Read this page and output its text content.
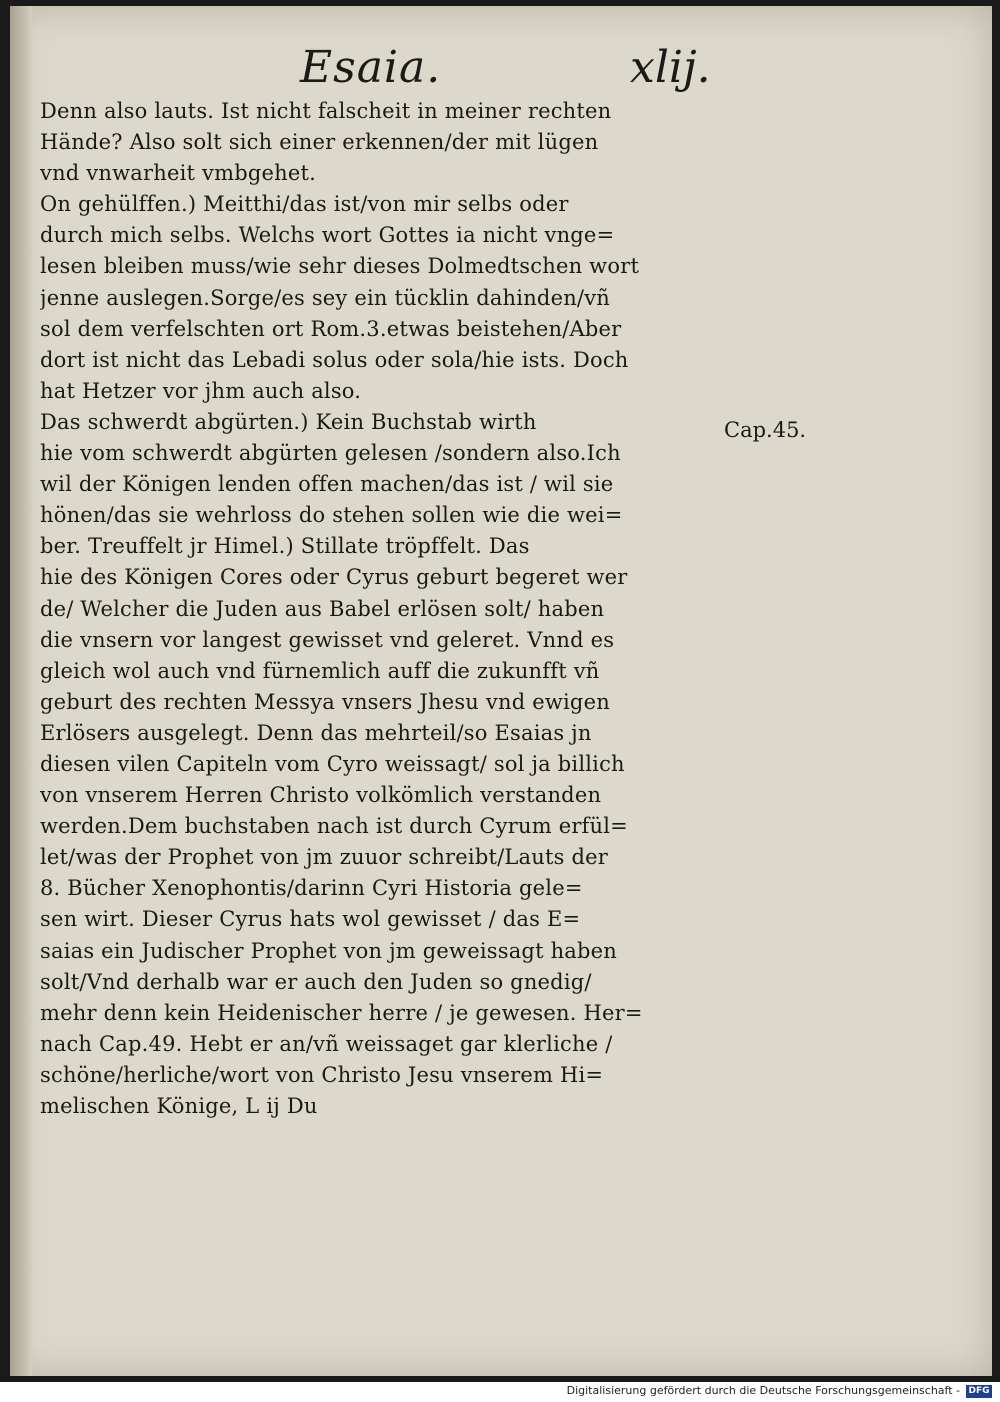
Esaia.	xlij.
Denn also lauts. Ist nicht falscheit in meiner rechten
Hände? Also solt sich einer erkennen/der mit lügen
vnd vnwarheit vmbgehet.
On gehülffen.) Meitthi/das ist/von mir selbs oder
durch mich selbs. Welchs wort Gottes ia nicht vnge=
lesen bleiben muss/wie sehr dieses Dolmedtschen wort
jenne auslegen.Sorge/es sey ein tücklin dahinden/vñ
sol dem verfelschten ort Rom.3.etwas beistehen/Aber
dort ist nicht das Lebadi solus oder sola/hie ists. Doch
hat Hetzer vor jhm auch also.
Das schwerdt abgürten.) Kein Buchstab wirth
hie vom schwerdt abgürten gelesen /sondern also.Ich
wil der Königen lenden offen machen/das ist / wil sie
hönen/das sie wehrloss do stehen sollen wie die wei=
ber. Treuffelt jr Himel.) Stillate tröpffelt. Das
hie des Königen Cores oder Cyrus geburt begeret wer
de/ Welcher die Juden aus Babel erlösen solt/ haben
die vnsern vor langest gewisset vnd geleret. Vnnd es
gleich wol auch vnd fürnemlich auff die zukunfft vñ
geburt des rechten Messya vnsers Jhesu vnd ewigen
Erlösers ausgelegt. Denn das mehrteil/so Esaias jn
diesen vilen Capiteln vom Cyro weissagt/ sol ja billich
von vnserem Herren Christo volkömlich verstanden
werden.Dem buchstaben nach ist durch Cyrum erfül=
let/was der Prophet von jm zuuor schreibt/Lauts der
8. Bücher Xenophontis/darinn Cyri Historia gele=
sen wirt. Dieser Cyrus hats wol gewisset / das E=
saias ein Judischer Prophet von jm geweissagt haben
solt/Vnd derhalb war er auch den Juden so gnedig/
mehr denn kein Heidenischer herre / je gewesen. Her=
nach Cap.49. Hebt er an/vñ weissaget gar klerliche /
schöne/herliche/wort von Christo Jesu vnserem Hi=
melischen Könige, L ij Du
Cap.45.
Digitalisierung gefördert durch die Deutsche Forschungsgemeinschaft - DFG
